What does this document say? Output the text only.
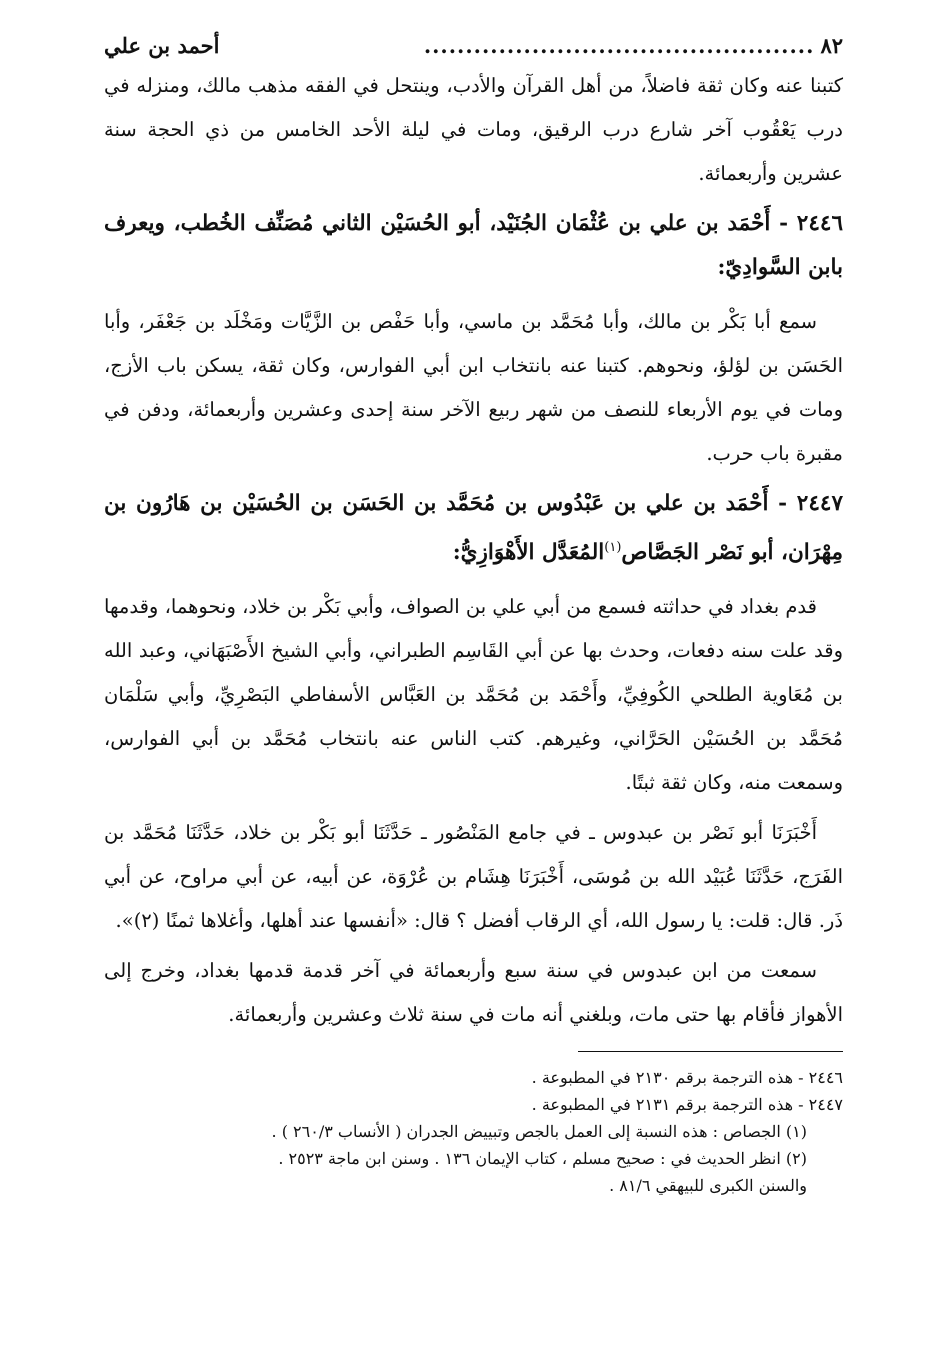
٨٢
...............................................
أحمد بن علي

كتبنا عنه وكان ثقة فاضلاً، من أهل القرآن والأدب، وينتحل في الفقه مذهب مالك، ومنزله في درب يَعْقُوب آخر شارع درب الرقيق، ومات في ليلة الأحد الخامس من ذي الحجة سنة عشرين وأربعمائة.

٢٤٤٦ - أَحْمَد بن علي بن عُثْمَان الجُنَيْد، أبو الحُسَيْن الثاني مُصَنِّف الخُطب، ويعرف بابن السَّوادِيّ:

سمع أبا بَكْر بن مالك، وأبا مُحَمَّد بن ماسي، وأبا حَفْص بن الزَّيَّات ومَخْلَد بن جَعْفَر، وأبا الحَسَن بن لؤلؤ، ونحوهم. كتبنا عنه بانتخاب ابن أبي الفوارس، وكان ثقة، يسكن باب الأزج، ومات في يوم الأربعاء للنصف من شهر ربيع الآخر سنة إحدى وعشرين وأربعمائة، ودفن في مقبرة باب حرب.

٢٤٤٧ - أَحْمَد بن علي بن عَبْدُوس بن مُحَمَّد بن الحَسَن بن الحُسَيْن بن هَارُون بن مِهْرَان، أبو نَصْر الجَصَّاص$^{(١)}$المُعَدَّل الأَهْوَازِيُّ:

قدم بغداد في حداثته فسمع من أبي علي بن الصواف، وأبي بَكْر بن خلاد، ونحوهما، وقدمها وقد علت سنه دفعات، وحدث بها عن أبي القَاسِم الطبراني، وأبي الشيخ الأَصْبَهَاني، وعبد الله بن مُعَاوية الطلحي الكُوفِيِّ، وأَحْمَد بن مُحَمَّد بن العَبَّاس الأسفاطي البَصْرِيِّ، وأبي سَلْمَان مُحَمَّد بن الحُسَيْن الحَرَّاني، وغيرهم. كتب الناس عنه بانتخاب مُحَمَّد بن أبي الفوارس، وسمعت منه، وكان ثقة ثبتًا.

أَخْبَرَنَا أبو نَصْر بن عبدوس ـ في جامع المَنْصُور ـ حَدَّثَنَا أبو بَكْر بن خلاد، حَدَّثَنَا مُحَمَّد بن الفَرَج، حَدَّثَنَا عُبَيْد الله بن مُوسَى، أَخْبَرَنَا هِشَام بن عُرْوَة، عن أبيه، عن أبي مراوح، عن أبي ذَر. قال: قلت: يا رسول الله، أي الرقاب أفضل ؟ قال: «أنفسها عند أهلها، وأغلاها ثمنًا (٢)».

سمعت من ابن عبدوس في سنة سبع وأربعمائة في آخر قدمة قدمها بغداد، وخرج إلى الأهواز فأقام بها حتى مات، وبلغني أنه مات في سنة ثلاث وعشرين وأربعمائة.

٢٤٤٦ - هذه الترجمة برقم ٢١٣٠ في المطبوعة .

٢٤٤٧ - هذه الترجمة برقم ٢١٣١ في المطبوعة .

(١) الجصاص : هذه النسبة إلى العمل بالجص وتبييض الجدران ( الأنساب ٢٦٠/٣ ) .

(٢) انظر الحديث في : صحيح مسلم ، كتاب الإيمان ١٣٦ . وسنن ابن ماجة ٢٥٢٣ .

والسنن الكبرى للبيهقي ٨١/٦ .
